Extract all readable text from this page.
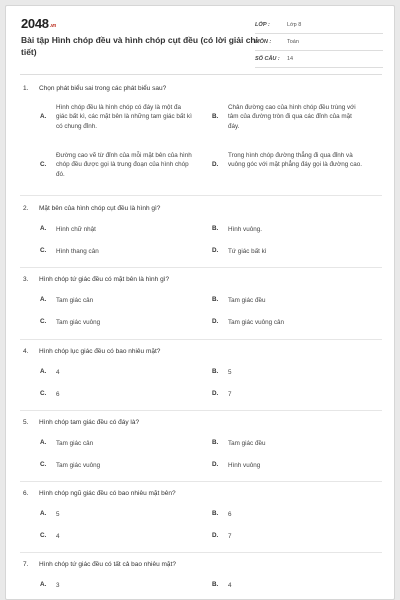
2048.vn
Bài tập Hình chóp đều và hình chóp cụt đều (có lời giải chi tiết)
LỚP :	Lớp 8
MÔN :	Toán
SỐ CÂU : 14
1. Chọn phát biểu sai trong các phát biểu sau?
A.
Hình chóp đều là hình chóp có đáy là một đa giác bất kì, các mặt bên là những tam giác bất kì có chung đỉnh.
B.
Chân đường cao của hình chóp đều trùng với tâm của đường tròn đi qua các đỉnh của mặt đáy.
C.
Đường cao vẽ từ đỉnh của mỗi mặt bên của hình chóp đều được gọi là trung đoạn của hình chóp đó.
D.
Trong hình chóp đường thẳng đi qua đỉnh và vuông góc với mặt phẳng đáy gọi là đường cao.
2. Mặt bên của hình chóp cụt đều là hình gì?
A. Hình chữ nhật	B. Hình vuông.
C. Hình thang cân	D. Tứ giác bất kì
3. Hình chóp tứ giác đều có mặt bên là hình gì?
A. Tam giác cân	B. Tam giác đều
C. Tam giác vuông	D. Tam giác vuông cân
4. Hình chóp lục giác đều có bao nhiêu mặt?
A. 4	B. 5
C. 6	D. 7
5. Hình chóp tam giác đều có đáy là?
A. Tam giác cân	B. Tam giác đều
C. Tam giác vuông	D. Hình vuông
6. Hình chóp ngũ giác đều có bao nhiêu mặt bên?
A. 5	B. 6
C. 4	D. 7
7. Hình chóp tứ giác đều có tất cả bao nhiêu mặt?
A. 3	B. 4
